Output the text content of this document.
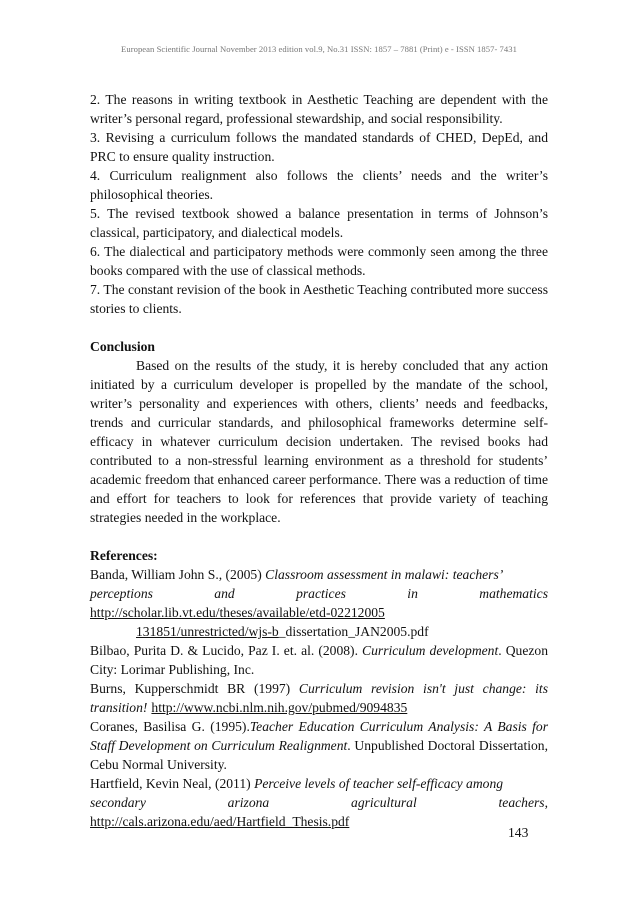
European Scientific Journal November 2013 edition vol.9, No.31 ISSN: 1857 – 7881 (Print) e - ISSN 1857- 7431

2. The reasons in writing textbook in Aesthetic Teaching are dependent with the writer’s personal regard, professional stewardship, and social responsibility.

3. Revising a curriculum follows the mandated standards of CHED, DepEd, and PRC to ensure quality instruction.

4. Curriculum realignment also follows the clients’ needs and the writer’s philosophical theories.

5. The revised textbook showed a balance presentation in terms of Johnson’s classical, participatory, and dialectical models.

6. The dialectical and participatory methods were commonly seen among the three books compared with the use of classical methods.

7. The constant revision of the book in Aesthetic Teaching contributed more success stories to clients.

Conclusion

Based on the results of the study, it is hereby concluded that any action initiated by a curriculum developer is propelled by the mandate of the school, writer’s personality and experiences with others, clients’ needs and feedbacks, trends and curricular standards, and philosophical frameworks determine self-efficacy in whatever curriculum decision undertaken. The revised books had contributed to a non-stressful learning environment as a threshold for students’ academic freedom that enhanced career performance. There was a reduction of time and effort for teachers to look for references that provide variety of teaching strategies needed in the workplace.

References:

Banda, William John S., (2005) Classroom assessment in malawi: teachers’

perceptions and practices in mathematics

http://scholar.lib.vt.edu/theses/available/etd-02212005

131851/unrestricted/wjs-b_dissertation_JAN2005.pdf

Bilbao, Purita D. & Lucido, Paz I. et. al. (2008). Curriculum development. Quezon City: Lorimar Publishing, Inc.

Burns, Kupperschmidt BR (1997) Curriculum revision isn't just change: its transition! http://www.ncbi.nlm.nih.gov/pubmed/9094835

Coranes, Basilisa G. (1995).Teacher Education Curriculum Analysis: A Basis for Staff Development on Curriculum Realignment. Unpublished Doctoral Dissertation, Cebu Normal University.

Hartfield, Kevin Neal, (2011) Perceive levels of teacher self-efficacy among

secondary arizona agricultural teachers,

http://cals.arizona.edu/aed/Hartfield_Thesis.pdf

143
